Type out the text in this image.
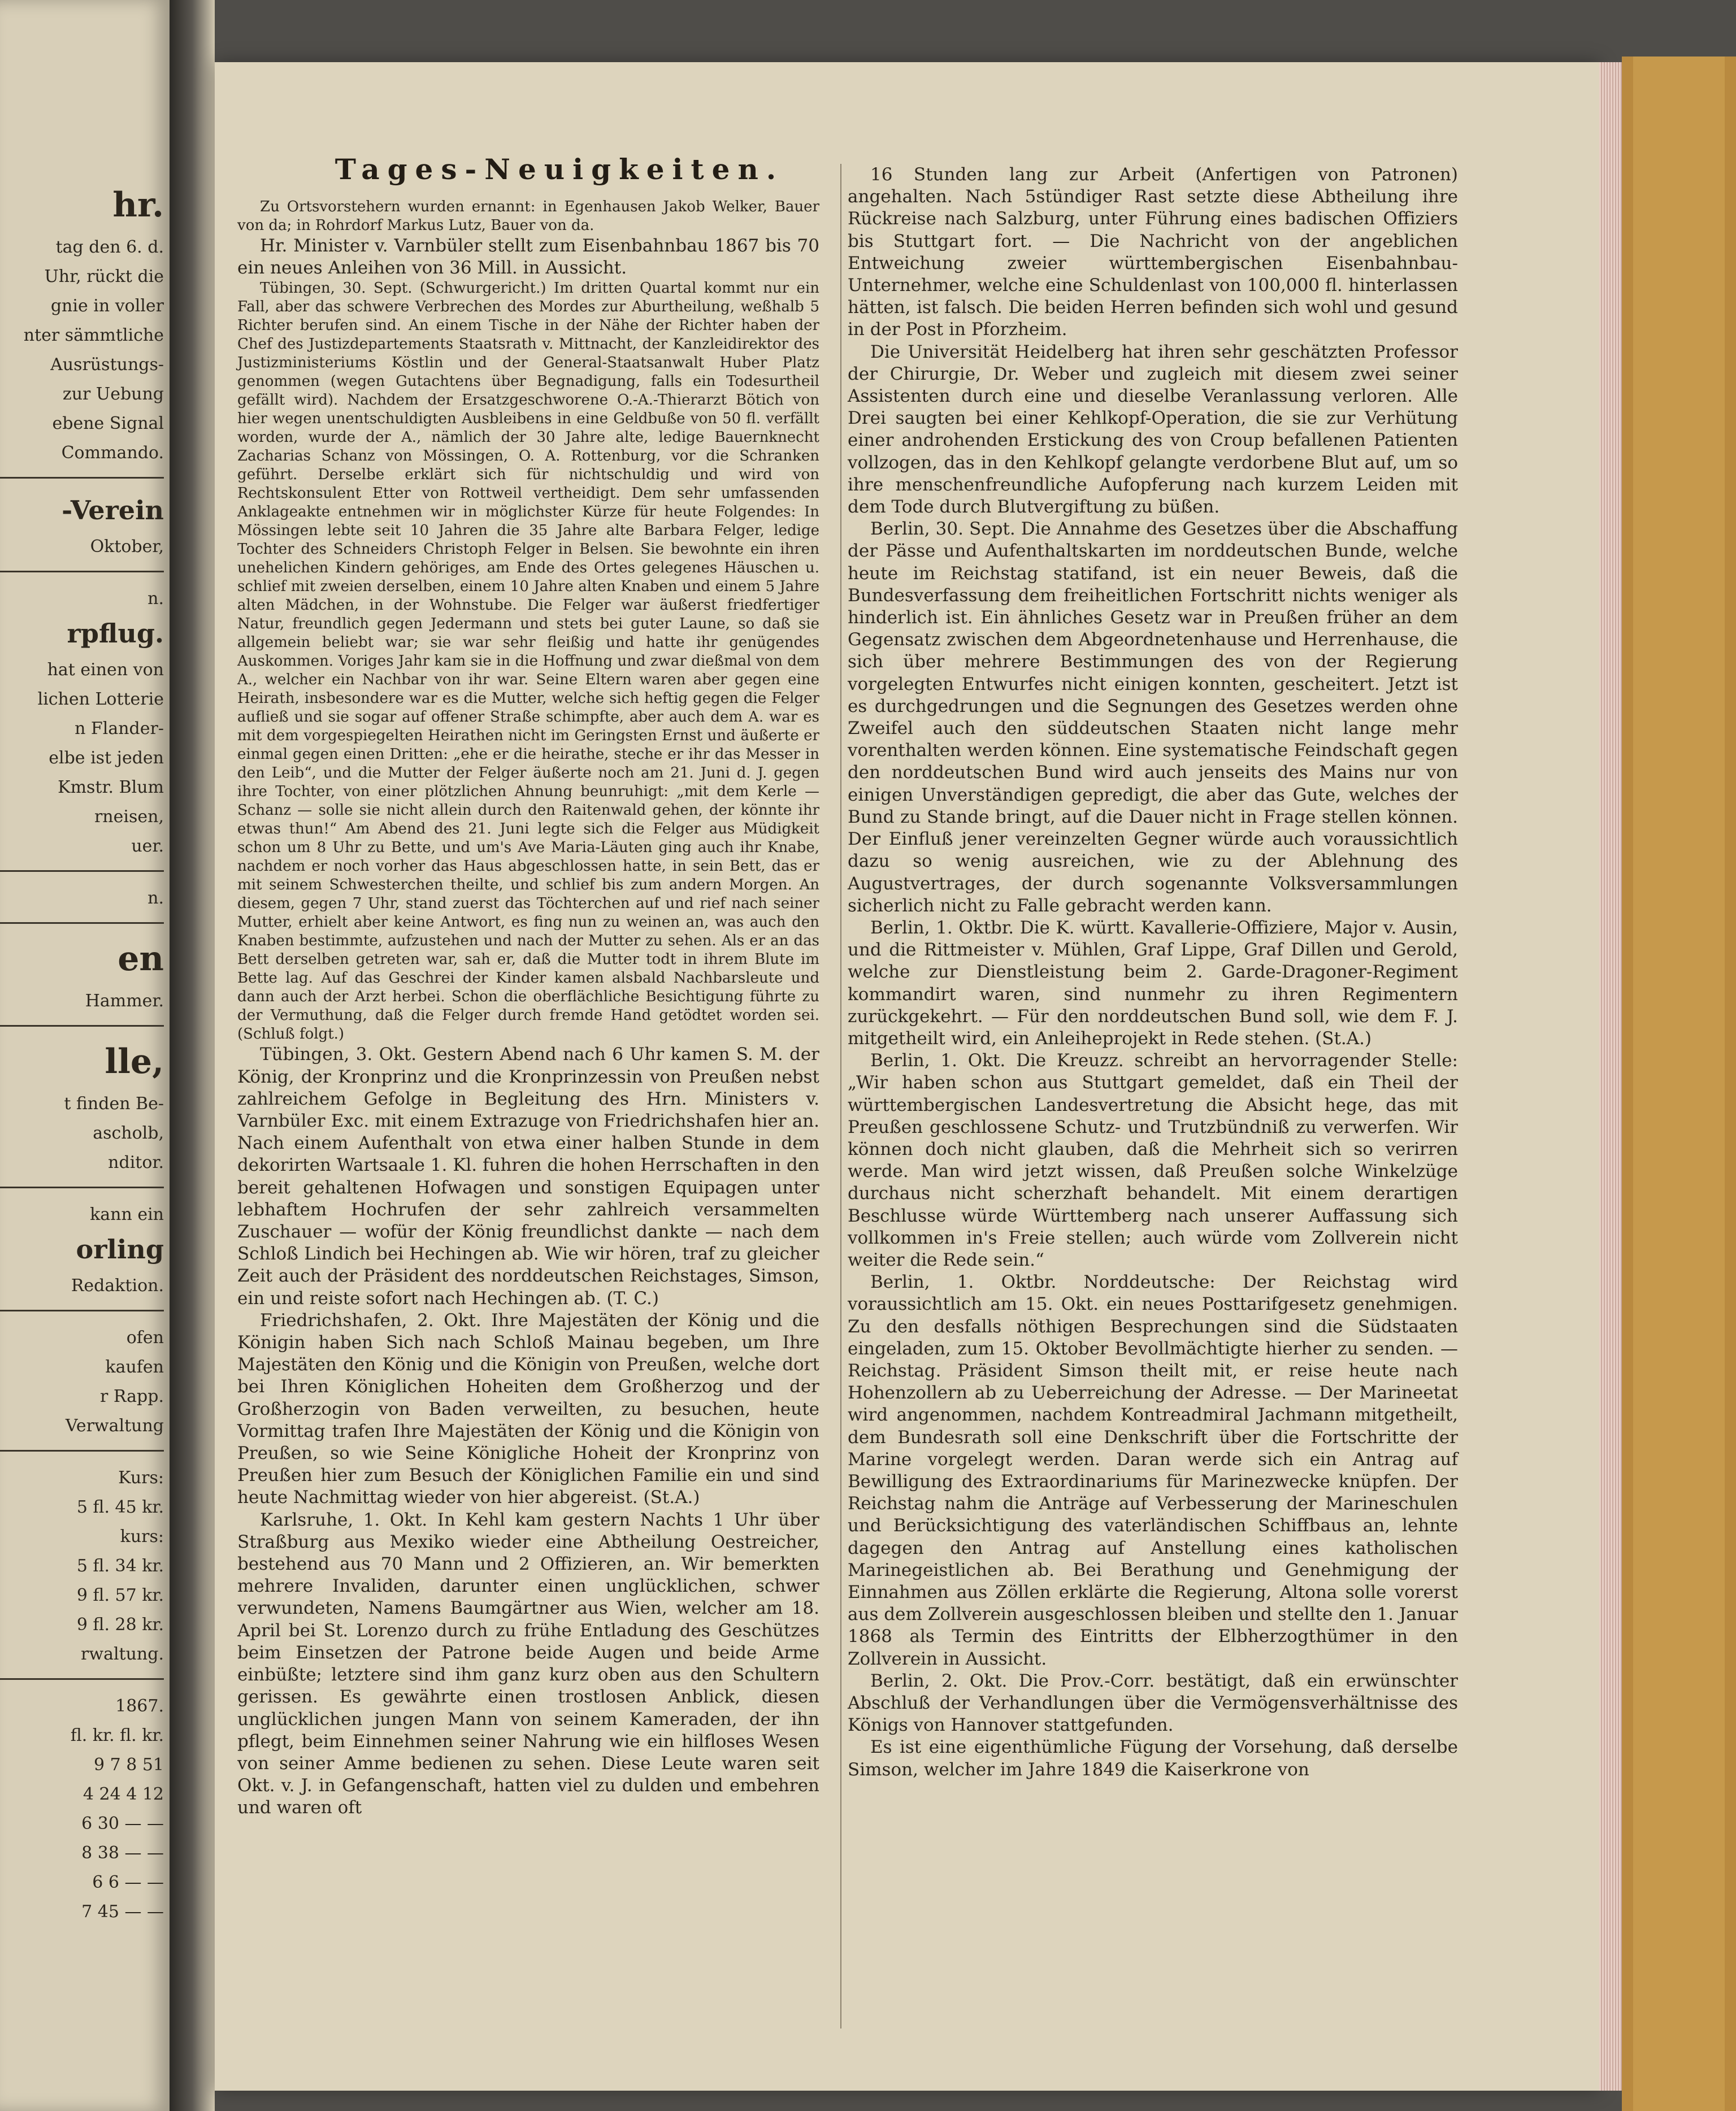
hr.
tag den 6. d.
Uhr, rückt die
gnie in voller
nter sämmtliche
Ausrüstungs-
zur Uebung
ebene Signal
Commando.
-Verein
Oktober,
n.
rpflug.
hat einen von
lichen Lotterie
n Flander-
elbe ist jeden
Kmstr. Blum
rneisen,
uer.
n.
en
Hammer.
lle,
t finden Be-
ascholb,
nditor.
kann ein
orling
Redaktion.
ofen
kaufen
r Rapp.
Verwaltung
Kurs:
5 fl. 45 kr.
kurs:
5 fl. 34 kr.
9 fl. 57 kr.
9 fl. 28 kr.
rwaltung.
1867.
fl. kr. fl. kr.
9 7 8 51
4 24 4 12
6 30 — —
8 38 — —
6 6 — —
7 45 — —
Tages-Neuigkeiten.

Zu Ortsvorstehern wurden ernannt: in Egenhausen Jakob Welker, Bauer von da; in Rohrdorf Markus Lutz, Bauer von da.

Hr. Minister v. Varnbüler stellt zum Eisenbahnbau 1867 bis 70 ein neues Anleihen von 36 Mill. in Aussicht.

Tübingen, 30. Sept. (Schwurgericht.) Im dritten Quartal kommt nur ein Fall, aber das schwere Verbrechen des Mordes zur Aburtheilung, weßhalb 5 Richter berufen sind. An einem Tische in der Nähe der Richter haben der Chef des Justizdepartements Staatsrath v. Mittnacht, der Kanzleidirektor des Justizministeriums Köstlin und der General-Staatsanwalt Huber Platz genommen (wegen Gutachtens über Begnadigung, falls ein Todesurtheil gefällt wird). Nachdem der Ersatzgeschworene O.-A.-Thierarzt Bötich von hier wegen unentschuldigten Ausbleibens in eine Geldbuße von 50 fl. verfällt worden, wurde der A., nämlich der 30 Jahre alte, ledige Bauernknecht Zacharias Schanz von Mössingen, O. A. Rottenburg, vor die Schranken geführt. Derselbe erklärt sich für nichtschuldig und wird von Rechtskonsulent Etter von Rottweil vertheidigt. Dem sehr umfassenden Anklageakte entnehmen wir in möglichster Kürze für heute Folgendes: In Mössingen lebte seit 10 Jahren die 35 Jahre alte Barbara Felger, ledige Tochter des Schneiders Christoph Felger in Belsen. Sie bewohnte ein ihren unehelichen Kindern gehöriges, am Ende des Ortes gelegenes Häuschen u. schlief mit zweien derselben, einem 10 Jahre alten Knaben und einem 5 Jahre alten Mädchen, in der Wohnstube. Die Felger war äußerst friedfertiger Natur, freundlich gegen Jedermann und stets bei guter Laune, so daß sie allgemein beliebt war; sie war sehr fleißig und hatte ihr genügendes Auskommen. Voriges Jahr kam sie in die Hoffnung und zwar dießmal von dem A., welcher ein Nachbar von ihr war. Seine Eltern waren aber gegen eine Heirath, insbesondere war es die Mutter, welche sich heftig gegen die Felger aufließ und sie sogar auf offener Straße schimpfte, aber auch dem A. war es mit dem vorgespiegelten Heirathen nicht im Geringsten Ernst und äußerte er einmal gegen einen Dritten: „ehe er die heirathe, steche er ihr das Messer in den Leib“, und die Mutter der Felger äußerte noch am 21. Juni d. J. gegen ihre Tochter, von einer plötzlichen Ahnung beunruhigt: „mit dem Kerle — Schanz — solle sie nicht allein durch den Raitenwald gehen, der könnte ihr etwas thun!“ Am Abend des 21. Juni legte sich die Felger aus Müdigkeit schon um 8 Uhr zu Bette, und um's Ave Maria-Läuten ging auch ihr Knabe, nachdem er noch vorher das Haus abgeschlossen hatte, in sein Bett, das er mit seinem Schwesterchen theilte, und schlief bis zum andern Morgen. An diesem, gegen 7 Uhr, stand zuerst das Töchterchen auf und rief nach seiner Mutter, erhielt aber keine Antwort, es fing nun zu weinen an, was auch den Knaben bestimmte, aufzustehen und nach der Mutter zu sehen. Als er an das Bett derselben getreten war, sah er, daß die Mutter todt in ihrem Blute im Bette lag. Auf das Geschrei der Kinder kamen alsbald Nachbarsleute und dann auch der Arzt herbei. Schon die oberflächliche Besichtigung führte zu der Vermuthung, daß die Felger durch fremde Hand getödtet worden sei. (Schluß folgt.)

Tübingen, 3. Okt. Gestern Abend nach 6 Uhr kamen S. M. der König, der Kronprinz und die Kronprinzessin von Preußen nebst zahlreichem Gefolge in Begleitung des Hrn. Ministers v. Varnbüler Exc. mit einem Extrazuge von Friedrichshafen hier an. Nach einem Aufenthalt von etwa einer halben Stunde in dem dekorirten Wartsaale 1. Kl. fuhren die hohen Herrschaften in den bereit gehaltenen Hofwagen und sonstigen Equipagen unter lebhaftem Hochrufen der sehr zahlreich versammelten Zuschauer — wofür der König freundlichst dankte — nach dem Schloß Lindich bei Hechingen ab. Wie wir hören, traf zu gleicher Zeit auch der Präsident des norddeutschen Reichstages, Simson, ein und reiste sofort nach Hechingen ab. (T. C.)

Friedrichshafen, 2. Okt. Ihre Majestäten der König und die Königin haben Sich nach Schloß Mainau begeben, um Ihre Majestäten den König und die Königin von Preußen, welche dort bei Ihren Königlichen Hoheiten dem Großherzog und der Großherzogin von Baden verweilten, zu besuchen, heute Vormittag trafen Ihre Majestäten der König und die Königin von Preußen, so wie Seine Königliche Hoheit der Kronprinz von Preußen hier zum Besuch der Königlichen Familie ein und sind heute Nachmittag wieder von hier abgereist. (St.A.)

Karlsruhe, 1. Okt. In Kehl kam gestern Nachts 1 Uhr über Straßburg aus Mexiko wieder eine Abtheilung Oestreicher, bestehend aus 70 Mann und 2 Offizieren, an. Wir bemerkten mehrere Invaliden, darunter einen unglücklichen, schwer verwundeten, Namens Baumgärtner aus Wien, welcher am 18. April bei St. Lorenzo durch zu frühe Entladung des Geschützes beim Einsetzen der Patrone beide Augen und beide Arme einbüßte; letztere sind ihm ganz kurz oben aus den Schultern gerissen. Es gewährte einen trostlosen Anblick, diesen unglücklichen jungen Mann von seinem Kameraden, der ihn pflegt, beim Einnehmen seiner Nahrung wie ein hilfloses Wesen von seiner Amme bedienen zu sehen. Diese Leute waren seit Okt. v. J. in Gefangenschaft, hatten viel zu dulden und embehren und waren oft

16 Stunden lang zur Arbeit (Anfertigen von Patronen) angehalten. Nach 5stündiger Rast setzte diese Abtheilung ihre Rückreise nach Salzburg, unter Führung eines badischen Offiziers bis Stuttgart fort. — Die Nachricht von der angeblichen Entweichung zweier württembergischen Eisenbahnbau-Unternehmer, welche eine Schuldenlast von 100,000 fl. hinterlassen hätten, ist falsch. Die beiden Herren befinden sich wohl und gesund in der Post in Pforzheim.

Die Universität Heidelberg hat ihren sehr geschätzten Professor der Chirurgie, Dr. Weber und zugleich mit diesem zwei seiner Assistenten durch eine und dieselbe Veranlassung verloren. Alle Drei saugten bei einer Kehlkopf-Operation, die sie zur Verhütung einer androhenden Erstickung des von Croup befallenen Patienten vollzogen, das in den Kehlkopf gelangte verdorbene Blut auf, um so ihre menschenfreundliche Aufopferung nach kurzem Leiden mit dem Tode durch Blutvergiftung zu büßen.

Berlin, 30. Sept. Die Annahme des Gesetzes über die Abschaffung der Pässe und Aufenthaltskarten im norddeutschen Bunde, welche heute im Reichstag statifand, ist ein neuer Beweis, daß die Bundesverfassung dem freiheitlichen Fortschritt nichts weniger als hinderlich ist. Ein ähnliches Gesetz war in Preußen früher an dem Gegensatz zwischen dem Abgeordnetenhause und Herrenhause, die sich über mehrere Bestimmungen des von der Regierung vorgelegten Entwurfes nicht einigen konnten, gescheitert. Jetzt ist es durchgedrungen und die Segnungen des Gesetzes werden ohne Zweifel auch den süddeutschen Staaten nicht lange mehr vorenthalten werden können. Eine systematische Feindschaft gegen den norddeutschen Bund wird auch jenseits des Mains nur von einigen Unverständigen gepredigt, die aber das Gute, welches der Bund zu Stande bringt, auf die Dauer nicht in Frage stellen können. Der Einfluß jener vereinzelten Gegner würde auch voraussichtlich dazu so wenig ausreichen, wie zu der Ablehnung des Augustvertrages, der durch sogenannte Volksversammlungen sicherlich nicht zu Falle gebracht werden kann.

Berlin, 1. Oktbr. Die K. württ. Kavallerie-Offiziere, Major v. Ausin, und die Rittmeister v. Mühlen, Graf Lippe, Graf Dillen und Gerold, welche zur Dienstleistung beim 2. Garde-Dragoner-Regiment kommandirt waren, sind nunmehr zu ihren Regimentern zurückgekehrt. — Für den norddeutschen Bund soll, wie dem F. J. mitgetheilt wird, ein Anleiheprojekt in Rede stehen. (St.A.)

Berlin, 1. Okt. Die Kreuzz. schreibt an hervorragender Stelle: „Wir haben schon aus Stuttgart gemeldet, daß ein Theil der württembergischen Landesvertretung die Absicht hege, das mit Preußen geschlossene Schutz- und Trutzbündniß zu verwerfen. Wir können doch nicht glauben, daß die Mehrheit sich so verirren werde. Man wird jetzt wissen, daß Preußen solche Winkelzüge durchaus nicht scherzhaft behandelt. Mit einem derartigen Beschlusse würde Württemberg nach unserer Auffassung sich vollkommen in's Freie stellen; auch würde vom Zollverein nicht weiter die Rede sein.“

Berlin, 1. Oktbr. Norddeutsche: Der Reichstag wird voraussichtlich am 15. Okt. ein neues Posttarifgesetz genehmigen. Zu den desfalls nöthigen Besprechungen sind die Südstaaten eingeladen, zum 15. Oktober Bevollmächtigte hierher zu senden. — Reichstag. Präsident Simson theilt mit, er reise heute nach Hohenzollern ab zu Ueberreichung der Adresse. — Der Marineetat wird angenommen, nachdem Kontreadmiral Jachmann mitgetheilt, dem Bundesrath soll eine Denkschrift über die Fortschritte der Marine vorgelegt werden. Daran werde sich ein Antrag auf Bewilligung des Extraordinariums für Marinezwecke knüpfen. Der Reichstag nahm die Anträge auf Verbesserung der Marineschulen und Berücksichtigung des vaterländischen Schiffbaus an, lehnte dagegen den Antrag auf Anstellung eines katholischen Marinegeistlichen ab. Bei Berathung und Genehmigung der Einnahmen aus Zöllen erklärte die Regierung, Altona solle vorerst aus dem Zollverein ausgeschlossen bleiben und stellte den 1. Januar 1868 als Termin des Eintritts der Elbherzogthümer in den Zollverein in Aussicht.

Berlin, 2. Okt. Die Prov.-Corr. bestätigt, daß ein erwünschter Abschluß der Verhandlungen über die Vermögensverhältnisse des Königs von Hannover stattgefunden.

Es ist eine eigenthümliche Fügung der Vorsehung, daß derselbe Simson, welcher im Jahre 1849 die Kaiserkrone von
